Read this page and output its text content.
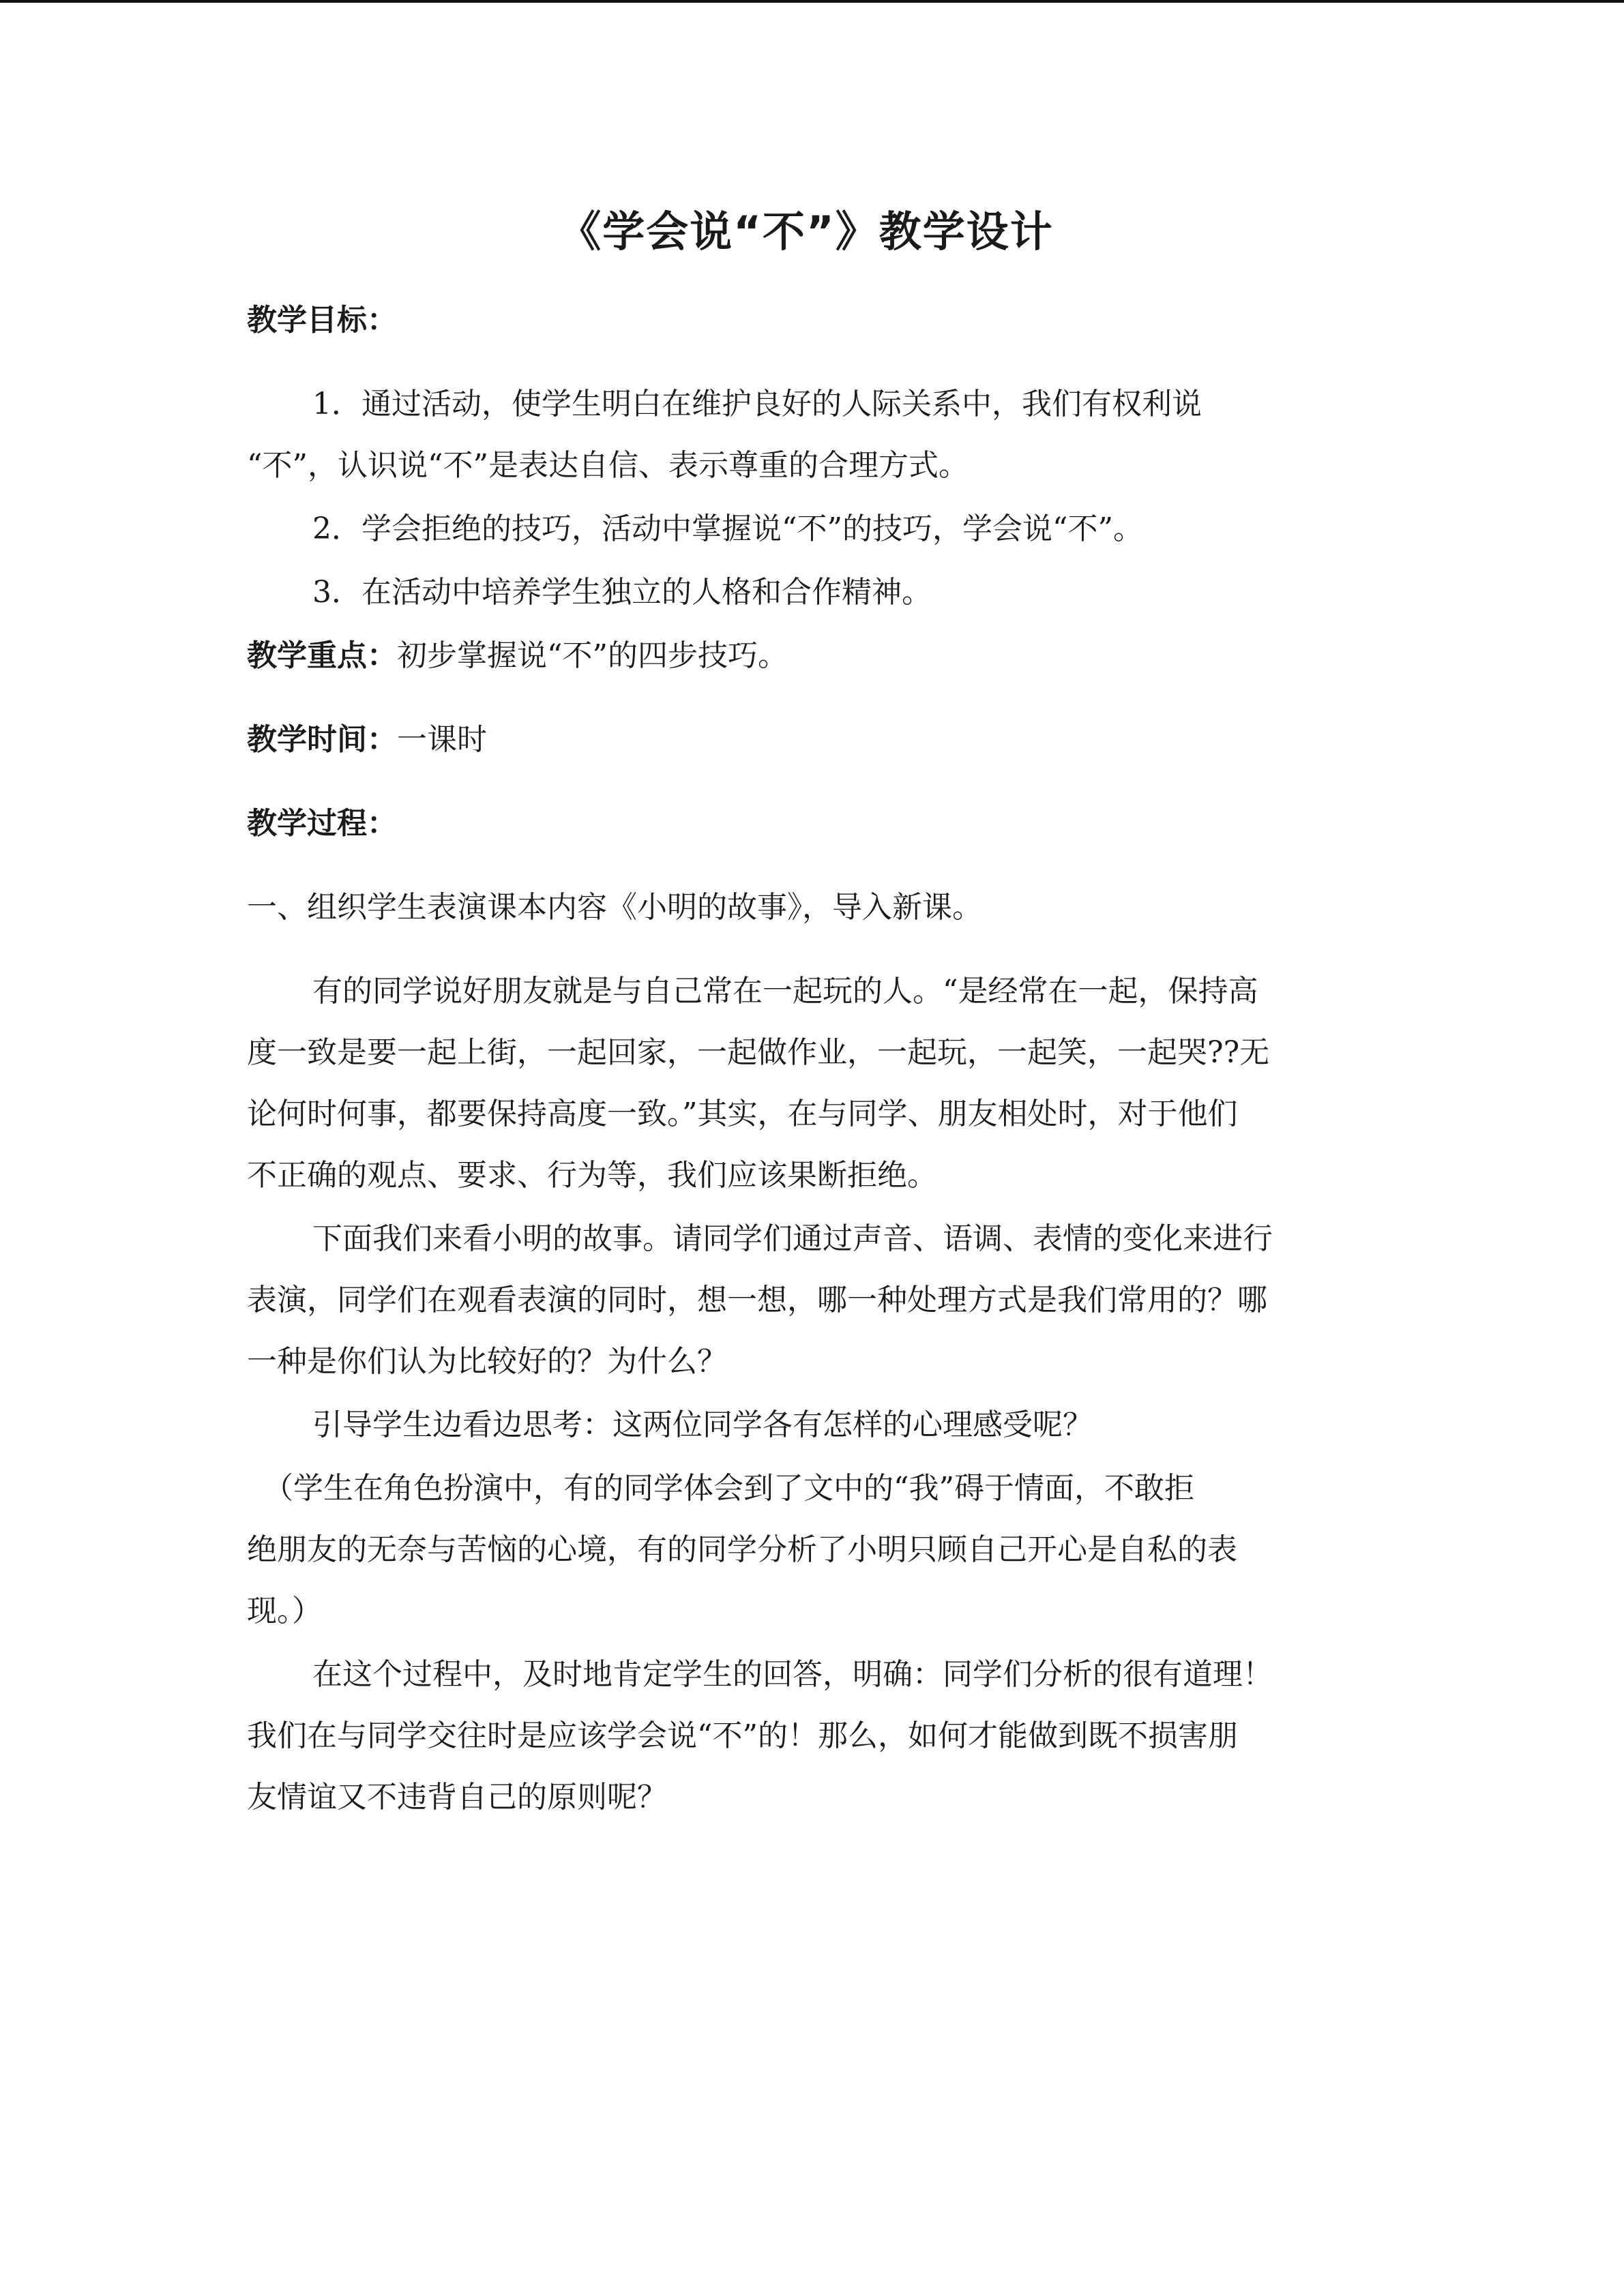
《学会说“不”》教学设计

教学目标：

1．通过活动，使学生明白在维护良好的人际关系中，我们有权利说

“不”，认识说“不”是表达自信、表示尊重的合理方式。

2．学会拒绝的技巧，活动中掌握说“不”的技巧，学会说“不”。

3．在活动中培养学生独立的人格和合作精神。

教学重点：初步掌握说“不”的四步技巧。

教学时间：一课时

教学过程：

一、组织学生表演课本内容《小明的故事》，导入新课。

有的同学说好朋友就是与自己常在一起玩的人。“是经常在一起，保持高

度一致是要一起上街，一起回家，一起做作业，一起玩，一起笑，一起哭??无

论何时何事，都要保持高度一致。”其实，在与同学、朋友相处时，对于他们

不正确的观点、要求、行为等，我们应该果断拒绝。

下面我们来看小明的故事。请同学们通过声音、语调、表情的变化来进行

表演，同学们在观看表演的同时，想一想，哪一种处理方式是我们常用的？哪

一种是你们认为比较好的？为什么？

引导学生边看边思考：这两位同学各有怎样的心理感受呢？

（学生在角色扮演中，有的同学体会到了文中的“我”碍于情面，不敢拒

绝朋友的无奈与苦恼的心境，有的同学分析了小明只顾自己开心是自私的表

现。）

在这个过程中，及时地肯定学生的回答，明确：同学们分析的很有道理！

我们在与同学交往时是应该学会说“不”的！那么，如何才能做到既不损害朋

友情谊又不违背自己的原则呢？
